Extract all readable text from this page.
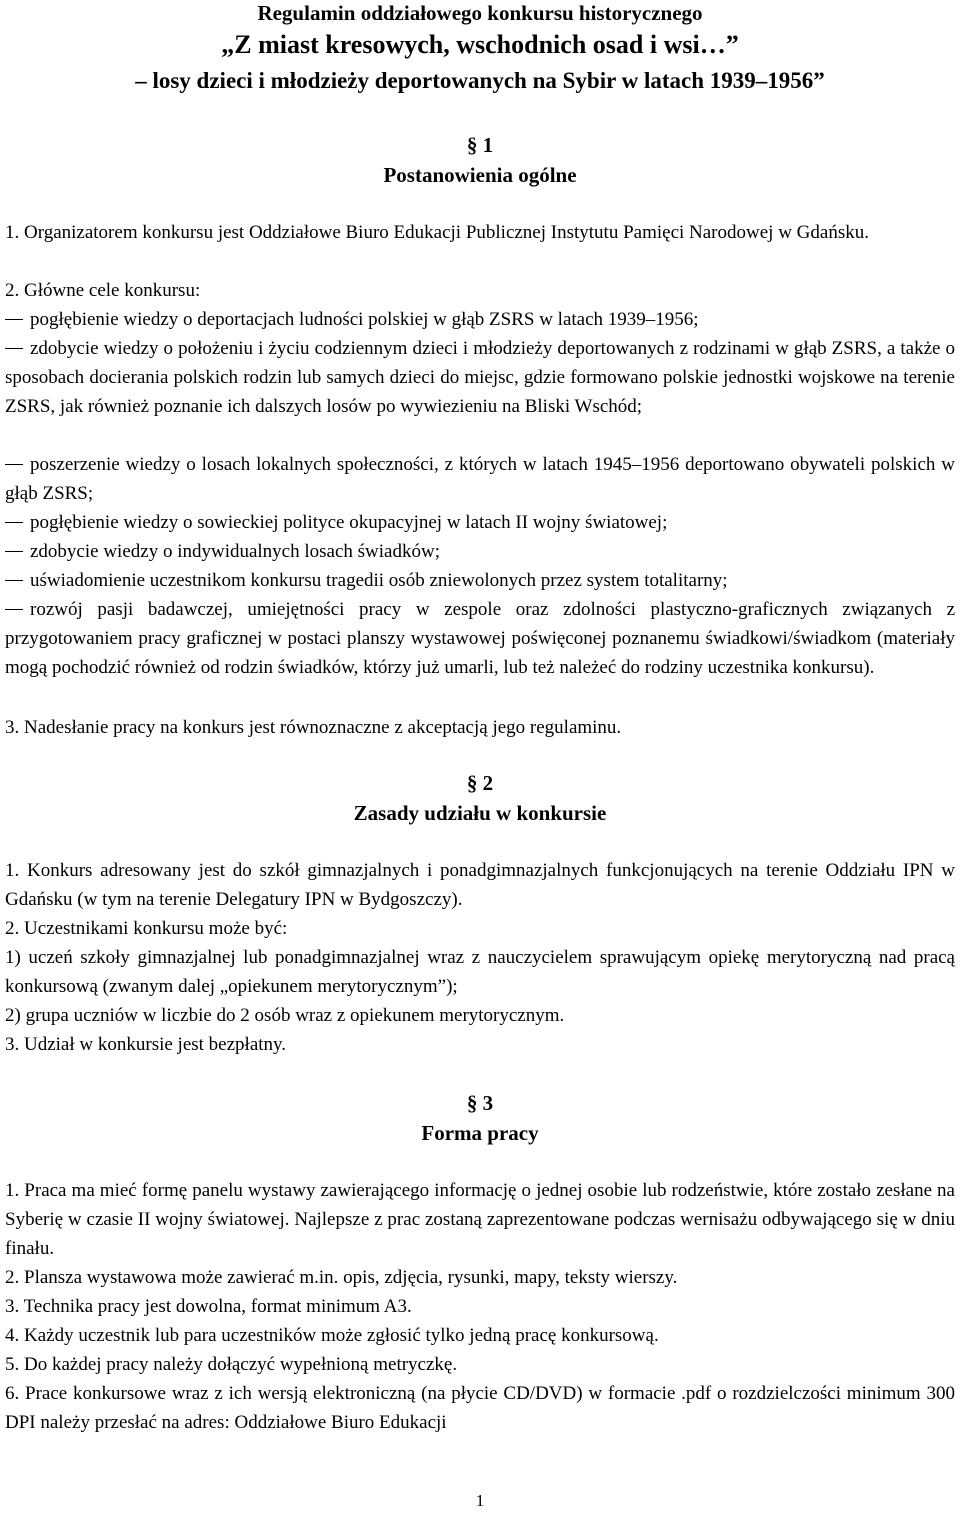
Regulamin oddziałowego konkursu historycznego
„Z miast kresowych, wschodnich osad i wsi…”
– losy dzieci i młodzieży deportowanych na Sybir w latach 1939–1956”
§ 1
Postanowienia ogólne
1. Organizatorem konkursu jest Oddziałowe Biuro Edukacji Publicznej Instytutu Pamięci Narodowej w Gdańsku.
2. Główne cele konkursu:
pogłębienie wiedzy o deportacjach ludności polskiej w głąb ZSRS w latach 1939–1956;
zdobycie wiedzy o położeniu i życiu codziennym dzieci i młodzieży deportowanych z rodzinami w głąb ZSRS, a także o sposobach docierania polskich rodzin lub samych dzieci do miejsc, gdzie formowano polskie jednostki wojskowe na terenie ZSRS, jak również poznanie ich dalszych losów po wywiezieniu na Bliski Wschód;
poszerzenie wiedzy o losach lokalnych społeczności, z których w latach 1945–1956 deportowano obywateli polskich w głąb ZSRS;
pogłębienie wiedzy o sowieckiej polityce okupacyjnej w latach II wojny światowej;
zdobycie wiedzy o indywidualnych losach świadków;
uświadomienie uczestnikom konkursu tragedii osób zniewolonych przez system totalitarny;
rozwój pasji badawczej, umiejętności pracy w zespole oraz zdolności plastyczno-graficznych związanych z przygotowaniem pracy graficznej w postaci planszy wystawowej poświęconej poznanemu świadkowi/świadkom (materiały mogą pochodzić również od rodzin świadków, którzy już umarli, lub też należeć do rodziny uczestnika konkursu).
3. Nadesłanie pracy na konkurs jest równoznaczne z akceptacją jego regulaminu.
§ 2
Zasady udziału w konkursie
1. Konkurs adresowany jest do szkół gimnazjalnych i ponadgimnazjalnych funkcjonujących na terenie Oddziału IPN w Gdańsku (w tym na terenie Delegatury IPN w Bydgoszczy).
2. Uczestnikami konkursu może być:
1) uczeń szkoły gimnazjalnej lub ponadgimnazjalnej wraz z nauczycielem sprawującym opiekę merytoryczną nad pracą konkursową (zwanym dalej „opiekunem merytorycznym”);
2) grupa uczniów w liczbie do 2 osób wraz z opiekunem merytorycznym.
3. Udział w konkursie jest bezpłatny.
§ 3
Forma pracy
1. Praca ma mieć formę panelu wystawy zawierającego informację o jednej osobie lub rodzeństwie, które zostało zesłane na Syberię w czasie II wojny światowej. Najlepsze z prac zostaną zaprezentowane podczas wernisażu odbywającego się w dniu finału.
2. Plansza wystawowa może zawierać m.in. opis, zdjęcia, rysunki, mapy, teksty wierszy.
3. Technika pracy jest dowolna, format minimum A3.
4. Każdy uczestnik lub para uczestników może zgłosić tylko jedną pracę konkursową.
5. Do każdej pracy należy dołączyć wypełnioną metryczkę.
6. Prace konkursowe wraz z ich wersją elektroniczną (na płycie CD/DVD) w formacie .pdf o rozdzielczości minimum 300 DPI należy przesłać na adres: Oddziałowe Biuro Edukacji
1
